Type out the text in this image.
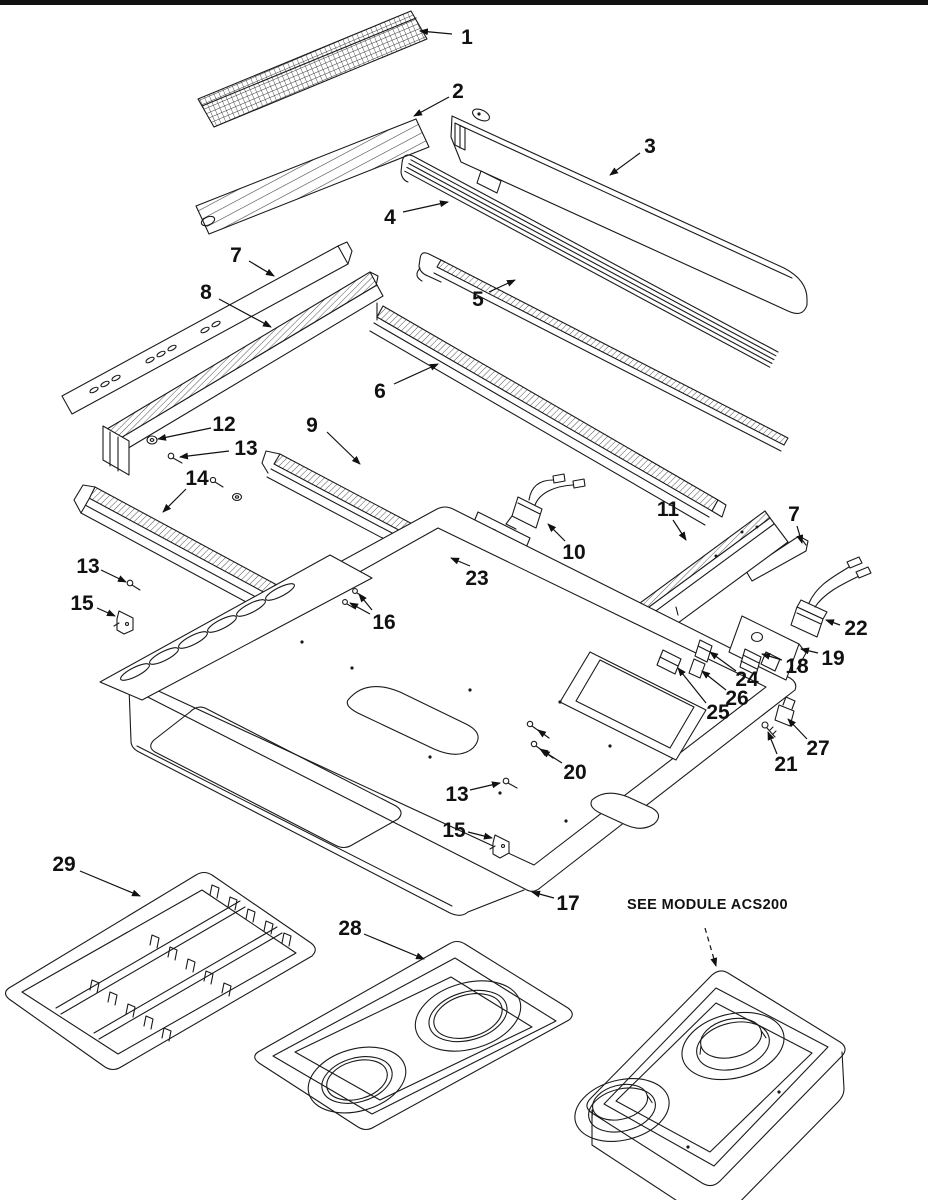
1
2
3
4
5
6
7
8
9
10
11
12
13
14
13
15
16
23
7
22
19
18
24
26
25
27
21
20
13
15
17
28
29
SEE MODULE ACS200
